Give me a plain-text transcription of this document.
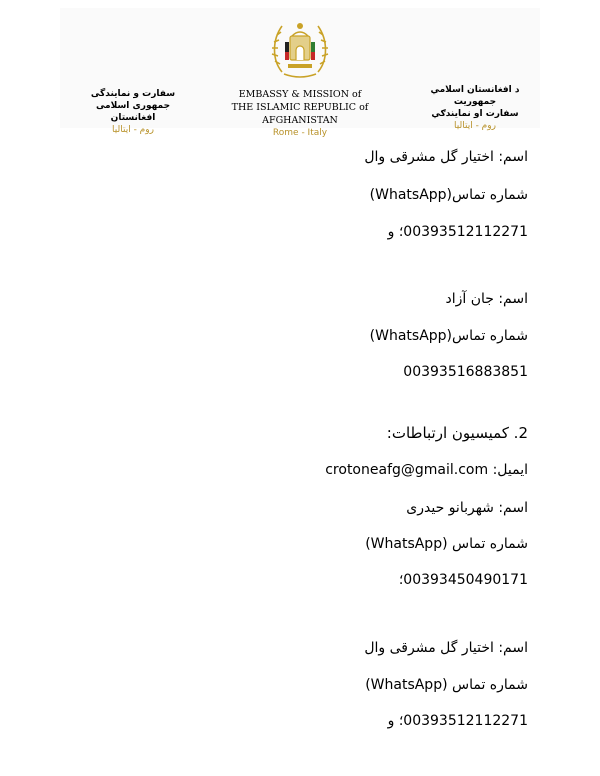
سفارت و نمایندگی
جمهوری اسلامی افغانستان
روم - ایتالیا
EMBASSY & MISSION of
THE ISLAMIC REPUBLIC of AFGHANISTAN
Rome - Italy
د افغانستان اسلامي جمهوریت
سفارت او نمایندګي
روم - ایتالیا
اسم: اختیار گل مشرقی وال
شماره تماس(WhatsApp)
00393512112271؛ و
اسم: جان آزاد
شماره تماس(WhatsApp)
00393516883851
2. کمیسیون ارتباطات:
ایمیل: crotoneafg@gmail.com
اسم: شهربانو حیدری
شماره تماس (WhatsApp)
00393450490171؛
اسم: اختیار گل مشرقی وال
شماره تماس (WhatsApp)
00393512112271؛ و
